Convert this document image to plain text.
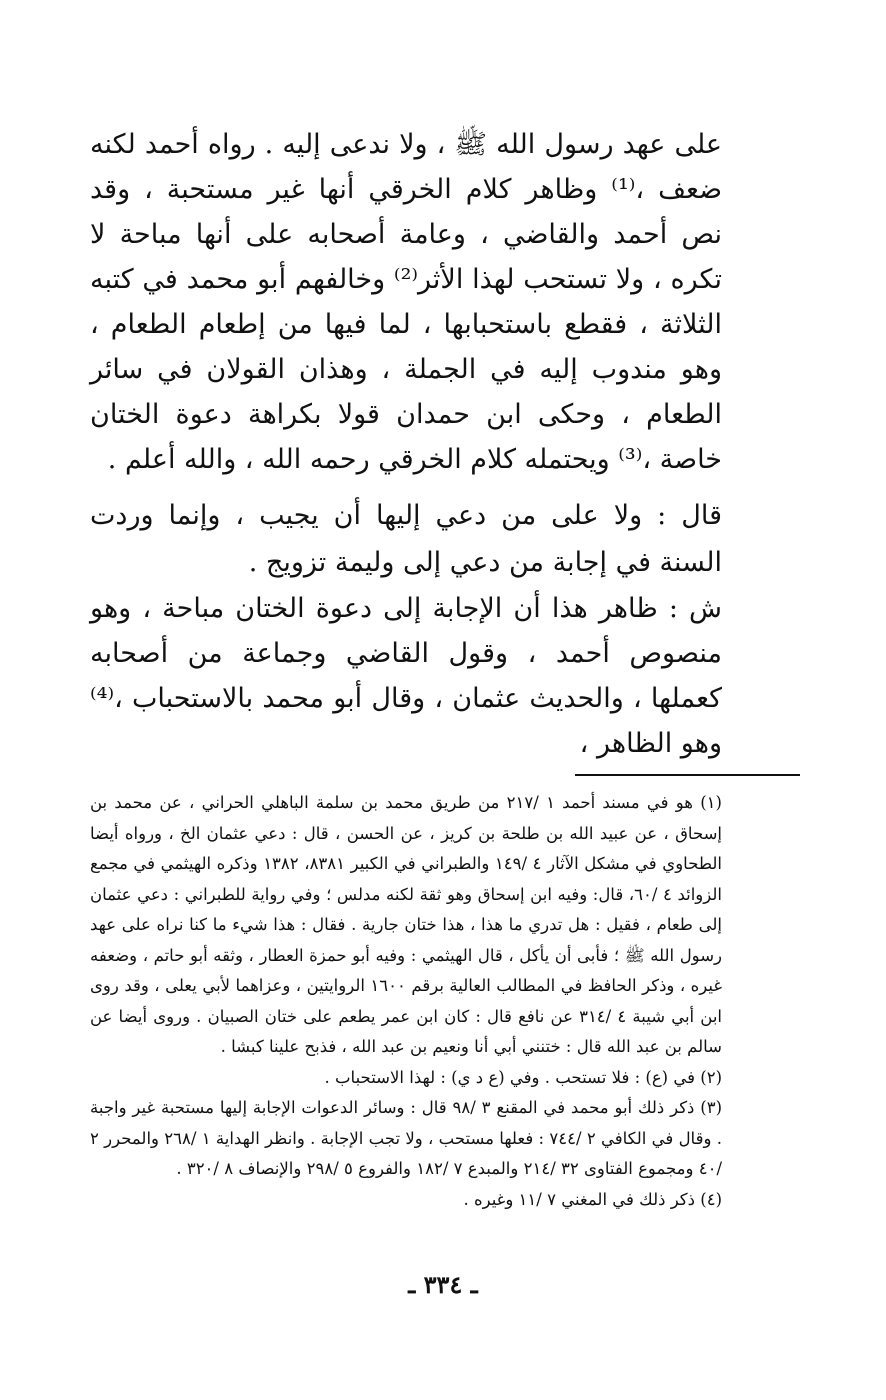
على عهد رسول الله ﷺ ، ولا ندعى إليه . رواه أحمد لكنه ضعف ،⁽¹⁾ وظاهر كلام الخرقي أنها غير مستحبة ، وقد نص أحمد والقاضي ، وعامة أصحابه على أنها مباحة لا تكره ، ولا تستحب لهذا الأثر⁽²⁾ وخالفهم أبو محمد في كتبه الثلاثة ، فقطع باستحبابها ، لما فيها من إطعام الطعام ، وهو مندوب إليه في الجملة ، وهذان القولان في سائر الطعام ، وحكى ابن حمدان قولا بكراهة دعوة الختان خاصة ،⁽³⁾ ويحتمله كلام الخرقي رحمه الله ، والله أعلم .

قال : ولا على من دعي إليها أن يجيب ، وإنما وردت السنة في إجابة من دعي إلى وليمة تزويج .

ش : ظاهر هذا أن الإجابة إلى دعوة الختان مباحة ، وهو منصوص أحمد ، وقول القاضي وجماعة من أصحابه كعملها ، والحديث عثمان ، وقال أبو محمد بالاستحباب ،⁽⁴⁾ وهو الظاهر ،

(١) هو في مسند أحمد ١ /٢١٧ من طريق محمد بن سلمة الباهلي الحراني ، عن محمد بن إسحاق ، عن عبيد الله بن طلحة بن كريز ، عن الحسن ، قال : دعي عثمان الخ ، ورواه أيضا الطحاوي في مشكل الآثار ٤ /١٤٩ والطبراني في الكبير ٨٣٨١، ١٣٨٢ وذكره الهيثمي في مجمع الزوائد ٤ /٦٠، قال: وفيه ابن إسحاق وهو ثقة لكنه مدلس ؛ وفي رواية للطبراني : دعي عثمان إلى طعام ، فقيل : هل تدري ما هذا ، هذا ختان جارية . فقال : هذا شيء ما كنا نراه على عهد رسول الله ﷺ ؛ فأبى أن يأكل ، قال الهيثمي : وفيه أبو حمزة العطار ، وثقه أبو حاتم ، وضعفه غيره ، وذكر الحافظ في المطالب العالية برقم ١٦٠٠ الروايتين ، وعزاهما لأبي يعلى ، وقد روى ابن أبي شيبة ٤ /٣١٤ عن نافع قال : كان ابن عمر يطعم على ختان الصبيان . وروى أيضا عن سالم بن عبد الله قال : ختنني أبي أنا ونعيم بن عبد الله ، فذبح علينا كبشا .

(٢) في (ع) : فلا تستحب . وفي (ع د ي) : لهذا الاستحباب .

(٣) ذكر ذلك أبو محمد في المقنع ٣ /٩٨ قال : وسائر الدعوات الإجابة إليها مستحبة غير واجبة . وقال في الكافي ٢ /٧٤٤ : فعلها مستحب ، ولا تجب الإجابة . وانظر الهداية ١ /٢٦٨ والمحرر ٢ /٤٠ ومجموع الفتاوى ٣٢ /٢١٤ والمبدع ٧ /١٨٢ والفروع ٥ /٢٩٨ والإنصاف ٨ /٣٢٠ .

(٤) ذكر ذلك في المغني ٧ /١١ وغيره .

ـ ٣٣٤ ـ
